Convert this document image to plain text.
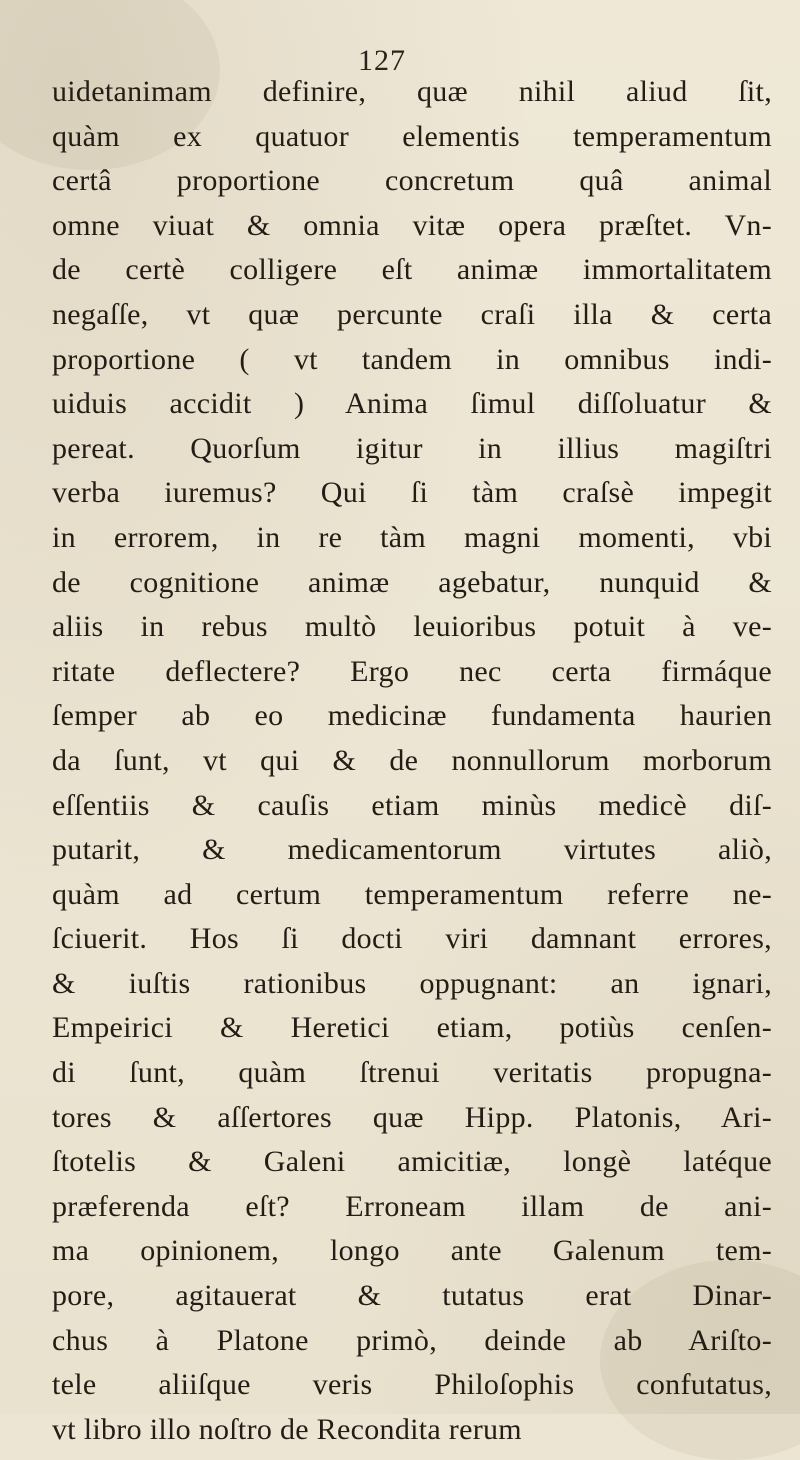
127
uidetanimam definire, quæ nihil aliud ſit,
quàm ex quatuor elementis temperamentum
certâ proportione concretum quâ animal
omne viuat & omnia vitæ opera præſtet. Vn-
de certè colligere eſt animæ immortalitatem
negaſſe, vt quæ percunte craſi illa & certa
proportione ( vt tandem in omnibus indi-
uiduis accidit ) Anima ſimul diſſoluatur &
pereat. Quorſum igitur in illius magiſtri
verba iuremus? Qui ſi tàm craſsè impegit
in errorem, in re tàm magni momenti, vbi
de cognitione animæ agebatur, nunquid &
aliis in rebus multò leuioribus potuit à ve-
ritate deflectere? Ergo nec certa firmáque
ſemper ab eo medicinæ fundamenta haurien
da ſunt, vt qui & de nonnullorum morborum
eſſentiis & cauſis etiam minùs medicè diſ-
putarit, & medicamentorum virtutes aliò,
quàm ad certum temperamentum referre ne-
ſciuerit. Hos ſi docti viri damnant errores,
& iuſtis rationibus oppugnant: an ignari,
Empeirici & Heretici etiam, potiùs cenſen-
di ſunt, quàm ſtrenui veritatis propugna-
tores & aſſertores quæ Hipp. Platonis, Ari-
ſtotelis & Galeni amicitiæ, longè latéque
præferenda eſt? Erroneam illam de ani-
ma opinionem, longo ante Galenum tem-
pore, agitauerat & tutatus erat Dinar-
chus à Platone primò, deinde ab Ariſto-
tele aliiſque veris Philoſophis confutatus,
vt libro illo noſtro de Recondita rerum
